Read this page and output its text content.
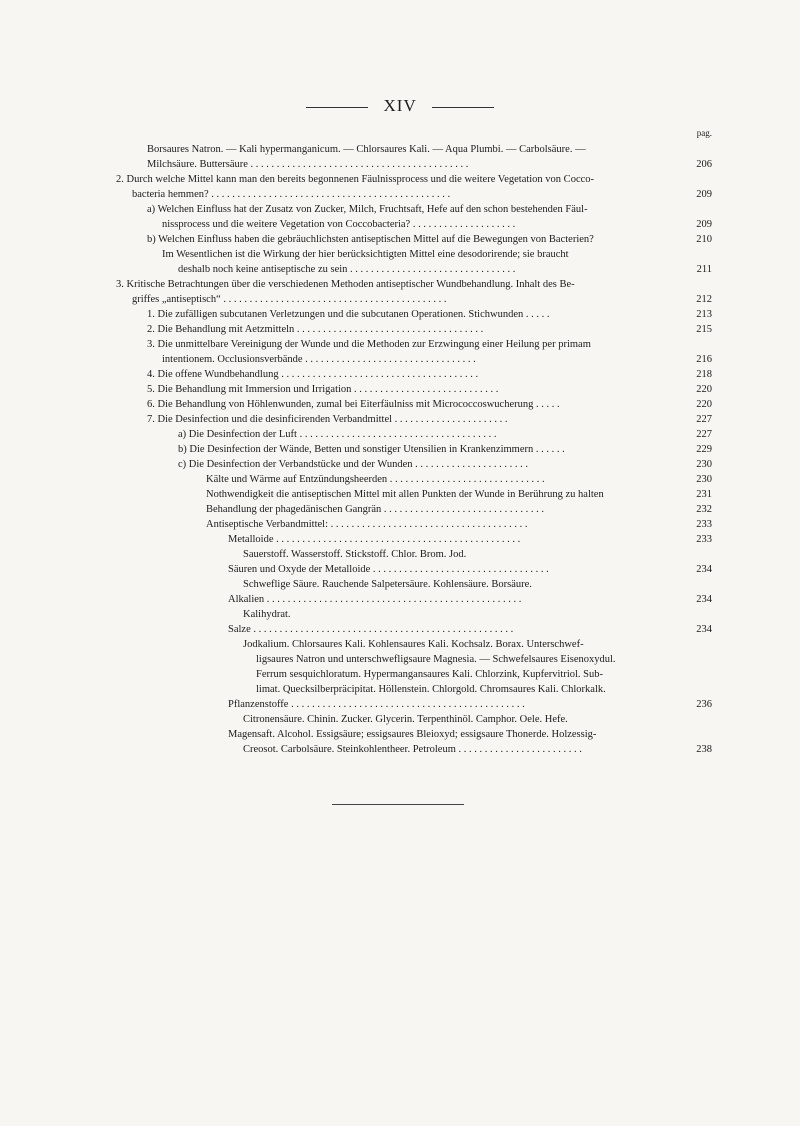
XIV
pag.
Borsaures Natron. — Kali hypermanganicum. — Chlorsaures Kali. — Aqua Plumbi. — Carbolsäure. —
Milchsäure. Buttersäure . . . . . . . . . . . . . . . . . . . . . . . . . . . . . . . . . . . . . . . . . .	206
2. Durch welche Mittel kann man den bereits begonnenen Fäulnissprocess und die weitere Vegetation von Cocco-
bacteria hemmen? . . . . . . . . . . . . . . . . . . . . . . . . . . . . . . . . . . . . . . . . . . . . . .	209
a) Welchen Einfluss hat der Zusatz von Zucker, Milch, Fruchtsaft, Hefe auf den schon bestehenden Fäul-
nissprocess und die weitere Vegetation von Coccobacteria? . . . . . . . . . . . . . . . . . . . .	209
b) Welchen Einfluss haben die gebräuchlichsten antiseptischen Mittel auf die Bewegungen von Bacterien?	210
Im Wesentlichen ist die Wirkung der hier berücksichtigten Mittel eine desodorirende; sie braucht
deshalb noch keine antiseptische zu sein . . . . . . . . . . . . . . . . . . . . . . . . . . . . . . . .	211
3. Kritische Betrachtungen über die verschiedenen Methoden antiseptischer Wundbehandlung. Inhalt des Be-
griffes „antiseptisch“ . . . . . . . . . . . . . . . . . . . . . . . . . . . . . . . . . . . . . . . . . . .	212
1. Die zufälligen subcutanen Verletzungen und die subcutanen Operationen. Stichwunden . . . . .	213
2. Die Behandlung mit Aetzmitteln . . . . . . . . . . . . . . . . . . . . . . . . . . . . . . . . . . . .	215
3. Die unmittelbare Vereinigung der Wunde und die Methoden zur Erzwingung einer Heilung per primam
intentionem. Occlusionsverbände . . . . . . . . . . . . . . . . . . . . . . . . . . . . . . . . .	216
4. Die offene Wundbehandlung . . . . . . . . . . . . . . . . . . . . . . . . . . . . . . . . . . . . . .	218
5. Die Behandlung mit Immersion und Irrigation . . . . . . . . . . . . . . . . . . . . . . . . . . . .	220
6. Die Behandlung von Höhlenwunden, zumal bei Eiterfäulniss mit Micrococcoswucherung . . . . .	220
7. Die Desinfection und die desinficirenden Verbandmittel . . . . . . . . . . . . . . . . . . . . . .	227
a) Die Desinfection der Luft . . . . . . . . . . . . . . . . . . . . . . . . . . . . . . . . . . . . . .	227
b) Die Desinfection der Wände, Betten und sonstiger Utensilien in Krankenzimmern . . . . . .	229
c) Die Desinfection der Verbandstücke und der Wunden . . . . . . . . . . . . . . . . . . . . . .	230
Kälte und Wärme auf Entzündungsheerden . . . . . . . . . . . . . . . . . . . . . . . . . . . . . .	230
Nothwendigkeit die antiseptischen Mittel mit allen Punkten der Wunde in Berührung zu halten	231
Behandlung der phagedänischen Gangrän . . . . . . . . . . . . . . . . . . . . . . . . . . . . . . .	232
Antiseptische Verbandmittel: . . . . . . . . . . . . . . . . . . . . . . . . . . . . . . . . . . . . . .	233
Metalloide . . . . . . . . . . . . . . . . . . . . . . . . . . . . . . . . . . . . . . . . . . . . . . .	233
Sauerstoff. Wasserstoff. Stickstoff. Chlor. Brom. Jod.
Säuren und Oxyde der Metalloide . . . . . . . . . . . . . . . . . . . . . . . . . . . . . . . . . .	234
Schweflige Säure. Rauchende Salpetersäure. Kohlensäure. Borsäure.
Alkalien . . . . . . . . . . . . . . . . . . . . . . . . . . . . . . . . . . . . . . . . . . . . . . . . .	234
Kalihydrat.
Salze . . . . . . . . . . . . . . . . . . . . . . . . . . . . . . . . . . . . . . . . . . . . . . . . . .	234
Jodkalium. Chlorsaures Kali. Kohlensaures Kali. Kochsalz. Borax. Unterschwef-
ligsaures Natron und unterschwefligsaure Magnesia. — Schwefelsaures Eisenoxydul.
Ferrum sesquichloratum. Hypermangansaures Kali. Chlorzink, Kupfervitriol. Sub-
limat. Quecksilberpräcipitat. Höllenstein. Chlorgold. Chromsaures Kali. Chlorkalk.
Pflanzenstoffe . . . . . . . . . . . . . . . . . . . . . . . . . . . . . . . . . . . . . . . . . . . . .	236
Citronensäure. Chinin. Zucker. Glycerin. Terpenthinöl. Camphor. Oele. Hefe.
Magensaft. Alcohol. Essigsäure; essigsaures Bleioxyd; essigsaure Thonerde. Holzessig-
Creosot. Carbolsäure. Steinkohlentheer. Petroleum . . . . . . . . . . . . . . . . . . . . . . . .	238
